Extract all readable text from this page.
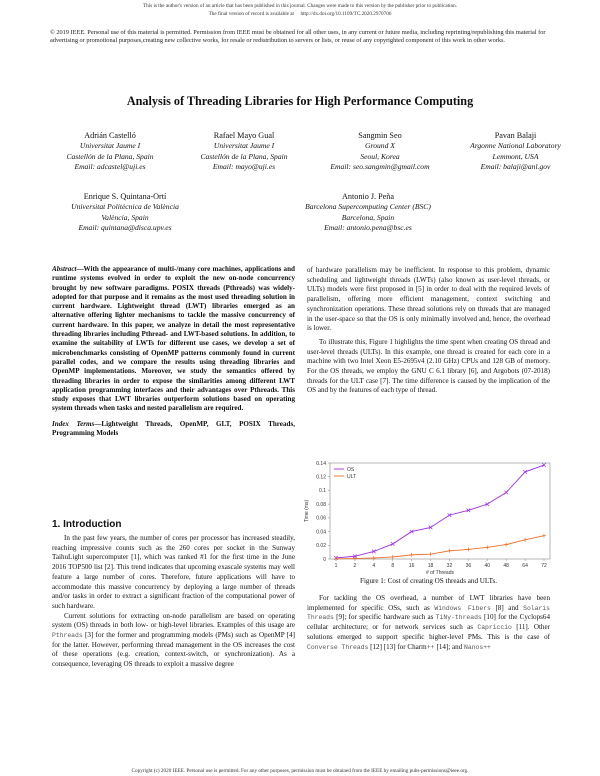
This is the author's version of an article that has been published in this journal. Changes were made to this version by the publisher prior to publication.
The final version of record is available at http://dx.doi.org/10.1109/TC.2020.2970706
© 2019 IEEE. Personal use of this material is permitted. Permission from IEEE must be obtained for all other uses, in any current or future media, including reprinting/republishing this material for advertising or promotional purposes,creating new collective works, for resale or redistribution to servers or lists, or reuse of any copyrighted component of this work in other works.
Analysis of Threading Libraries for High Performance Computing
Adrián Castelló
Universitat Jaume I
Castellón de la Plana, Spain
Email: adcastel@uji.es
Rafael Mayo Gual
Universitat Jaume I
Castellón de la Plana, Spain
Email: mayo@uji.es
Sangmin Seo
Ground X
Seoul, Korea
Email: seo.sangmin@gmail.com
Pavan Balaji
Argonne National Laboratory
Lemmont, USA
Email: balaji@anl.gov
Enrique S. Quintana-Ortí
Universitat Politècnica de València
València, Spain
Email: quintana@disca.upv.es
Antonio J. Peña
Barcelona Supercomputing Center (BSC)
Barcelona, Spain
Email: antonio.pena@bsc.es
Abstract—With the appearance of multi-/many core machines, applications and runtime systems evolved in order to exploit the new on-node concurrency brought by new software paradigms. POSIX threads (Pthreads) was widely-adopted for that purpose and it remains as the most used threading solution in current hardware. Lightweight thread (LWT) libraries emerged as an alternative offering lighter mechanisms to tackle the massive concurrency of current hardware. In this paper, we analyze in detail the most representative threading libraries including Pthread- and LWT-based solutions. In addition, to examine the suitability of LWTs for different use cases, we develop a set of microbenchmarks consisting of OpenMP patterns commonly found in current parallel codes, and we compare the results using threading libraries and OpenMP implementations. Moreover, we study the semantics offered by threading libraries in order to expose the similarities among different LWT application programming interfaces and their advantages over Pthreads. This study exposes that LWT libraries outperform solutions based on operating system threads when tasks and nested parallelism are required.
Index Terms—Lightweight Threads, OpenMP, GLT, POSIX Threads, Programming Models
1. Introduction

In the past few years, the number of cores per processor has increased steadily, reaching impressive counts such as the 260 cores per socket in the Sunway TaihuLight supercomputer [1], which was ranked #1 for the first time in the June 2016 TOP500 list [2]. This trend indicates that upcoming exascale systems may well feature a large number of cores. Therefore, future applications will have to accommodate this massive concurrency by deploying a large number of threads and/or tasks in order to extract a significant fraction of the computational power of such hardware.

Current solutions for extracting on-node parallelism are based on operating system (OS) threads in both low- or high-level libraries. Examples of this usage are Pthreads [3] for the former and programming models (PMs) such as OpenMP [4] for the latter. However, performing thread management in the OS increases the cost of these operations (e.g. creation, context-switch, or synchronization). As a consequence, leveraging OS threads to exploit a massive degree

of hardware parallelism may be inefficient. In response to this problem, dynamic scheduling and lightweight threads (LWTs) (also known as user-level threads, or ULTs) models were first proposed in [5] in order to deal with the required levels of parallelism, offering more efficient management, context switching and synchronization operations. These thread solutions rely on threads that are managed in the user-space so that the OS is only minimally involved and, hence, the overhead is lower.

To illustrate this, Figure 1 highlights the time spent when creating OS thread and user-level threads (ULTs). In this example, one thread is created for each core in a machine with two Intel Xeon E5-2695v4 (2.10 GHz) CPUs and 128 GB of memory. For the OS threads, we employ the GNU C 6.1 library [6], and Argobots (07-2018) threads for the ULT case [7]. The time difference is caused by the implication of the OS and by the features of each type of thread.

0
0.02
0.04
0.06
0.08
0.1
0.12
0.14
1	2	4	8	16	18	32	36	40	48	64	72
# of Threads
Time (ms)
OS
ULT
Figure 1: Cost of creating OS threads and ULTs.

For tackling the OS overhead, a number of LWT libraries have been implemented for specific OSs, such as Windows Fibers [8] and Solaris Threads [9]; for specific hardware such as TiNy-threads [10] for the Cyclops64 cellular architecture; or for network services such as Capriccio [11]. Other solutions emerged to support specific higher-level PMs. This is the case of Converse Threads [12] [13] for Charm++ [14]; and Nanos++

Copyright (c) 2020 IEEE. Personal use is permitted. For any other purposes, permission must be obtained from the IEEE by emailing pubs-permissions@ieee.org.
